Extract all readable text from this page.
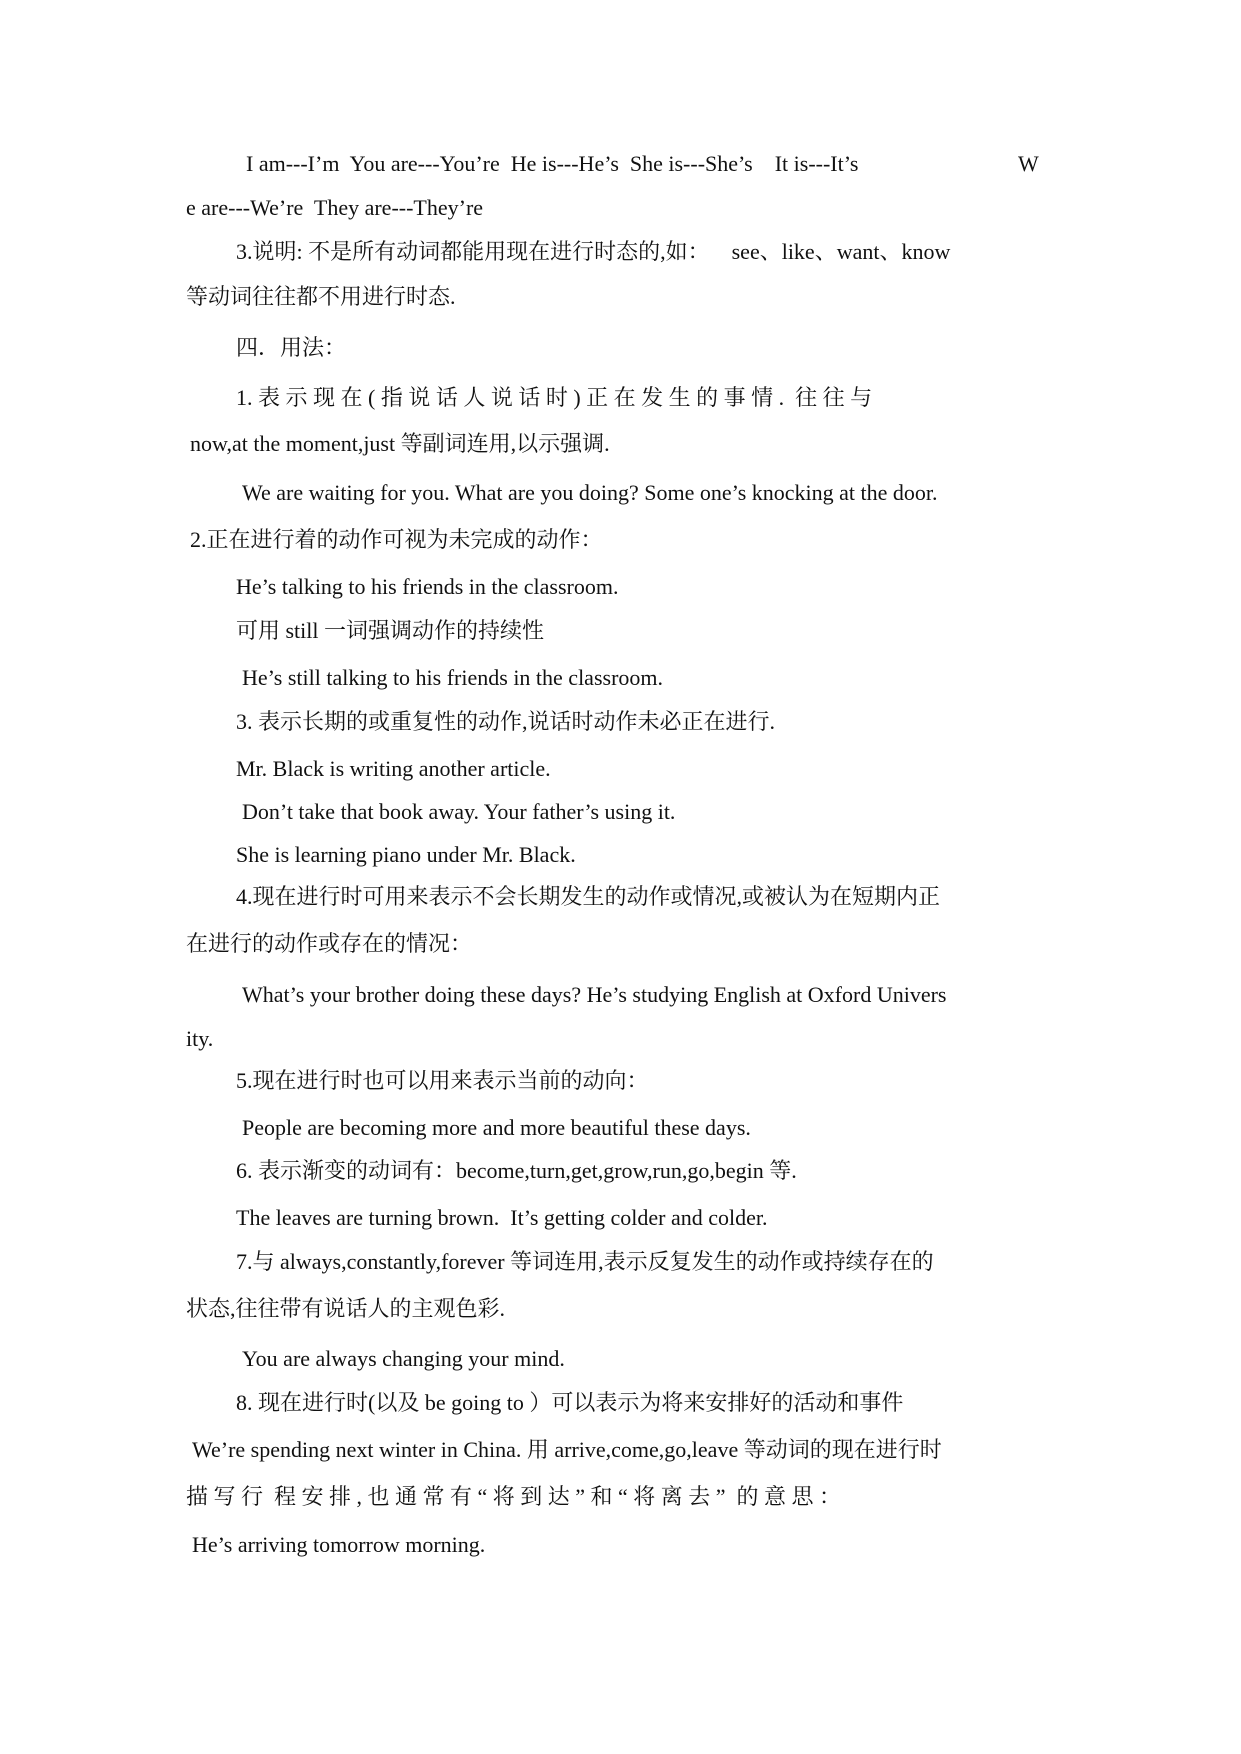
I am---I’m  You are---You’re  He is---He’s  She is---She’s    It is---It’s	W
e are---We’re  They are---They’re
3.说明: 不是所有动词都能用现在进行时态的,如：    see、like、want、know
等动词往往都不用进行时态.
四．用法：
1. 表 示 现 在 ( 指 说 话 人 说 话 时 ) 正 在 发 生 的 事 情 .  往 往 与
now,at the moment,just 等副词连用,以示强调.
We are waiting for you. What are you doing? Some one’s knocking at the door.
2.正在进行着的动作可视为未完成的动作：
He’s talking to his friends in the classroom.
可用 still 一词强调动作的持续性
He’s still talking to his friends in the classroom.
3. 表示长期的或重复性的动作,说话时动作未必正在进行.
Mr. Black is writing another article.
Don’t take that book away. Your father’s using it.
She is learning piano under Mr. Black.
4.现在进行时可用来表示不会长期发生的动作或情况,或被认为在短期内正
在进行的动作或存在的情况：
What’s your brother doing these days? He’s studying English at Oxford Univers
ity.
5.现在进行时也可以用来表示当前的动向：
People are becoming more and more beautiful these days.
6. 表示渐变的动词有：become,turn,get,grow,run,go,begin 等.
The leaves are turning brown.  It’s getting colder and colder.
7.与 always,constantly,forever 等词连用,表示反复发生的动作或持续存在的
状态,往往带有说话人的主观色彩.
You are always changing your mind.
8. 现在进行时(以及 be going to ）可以表示为将来安排好的活动和事件
We’re spending next winter in China. 用 arrive,come,go,leave 等动词的现在进行时
描 写 行  程 安 排 , 也 通 常 有 “ 将 到 达 ” 和 “ 将 离 去 ”  的 意 思 ：
He’s arriving tomorrow morning.
